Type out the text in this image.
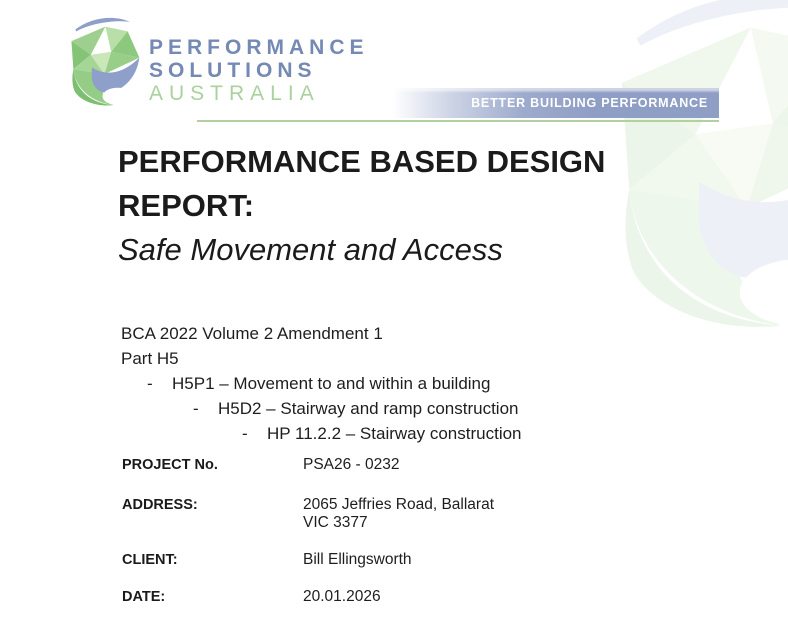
PERFORMANCE
SOLUTIONS
AUSTRALIA	BETTER BUILDING PERFORMANCE
PERFORMANCE BASED DESIGN
REPORT:
Safe Movement and Access
BCA 2022 Volume 2 Amendment 1
Part H5
-	H5P1 – Movement to and within a building
-	H5D2 – Stairway and ramp construction
-	HP 11.2.2 – Stairway construction
PROJECT No.	PSA26 - 0232
ADDRESS:	2065 Jeffries Road, Ballarat
VIC 3377
CLIENT:	Bill Ellingsworth
DATE:	20.01.2026
